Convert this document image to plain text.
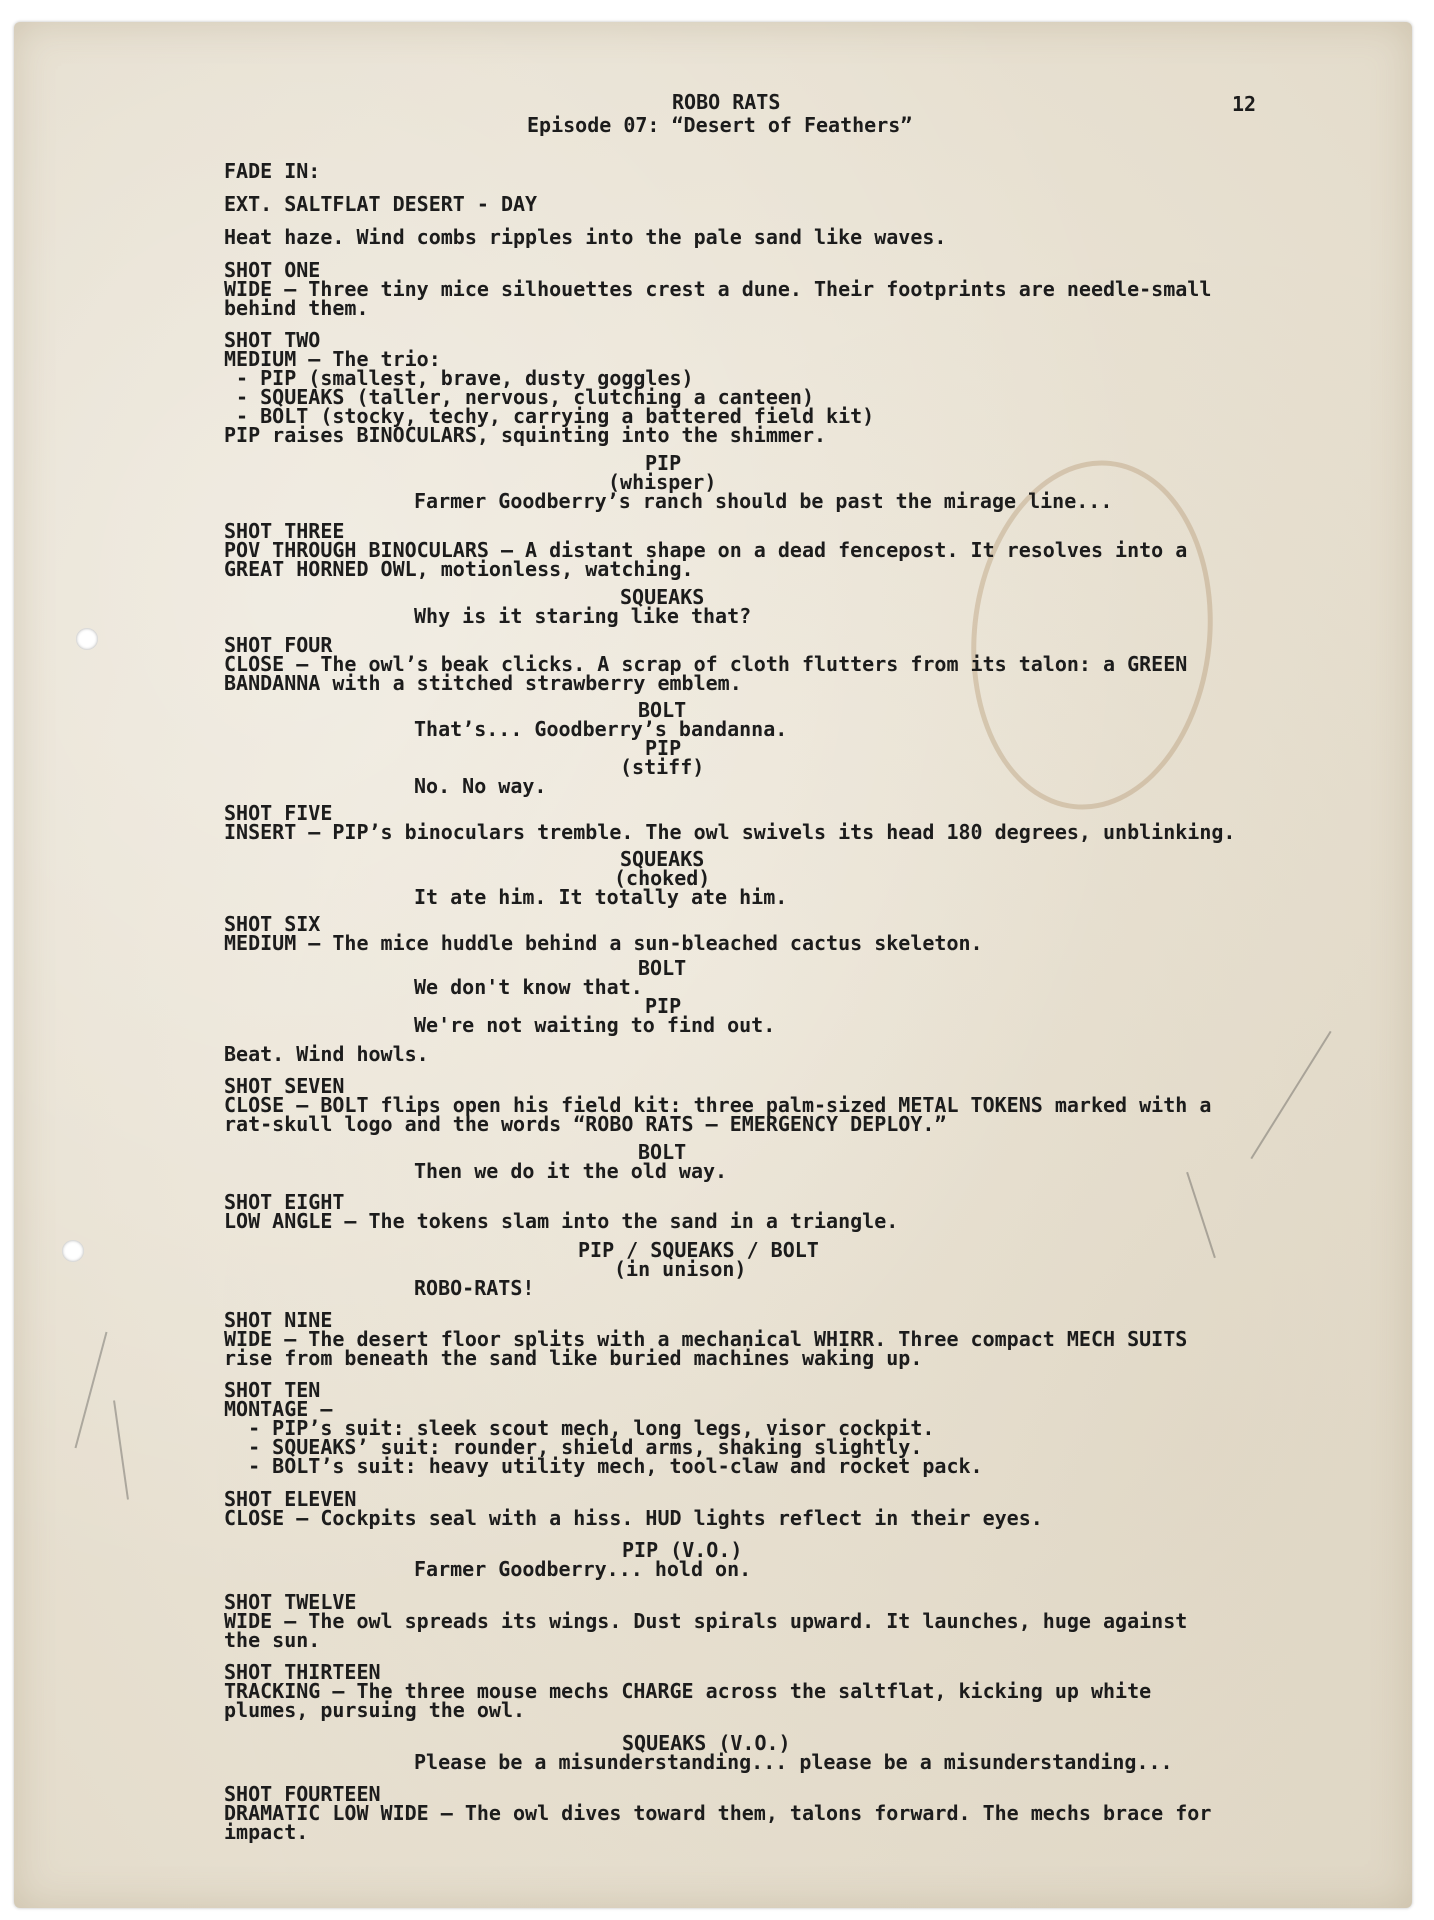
ROBO RATS
Episode 07: “Desert of Feathers”
12
FADE IN:
EXT. SALTFLAT DESERT - DAY
Heat haze. Wind combs ripples into the pale sand like waves.
SHOT ONE
WIDE – Three tiny mice silhouettes crest a dune. Their footprints are needle-small
behind them.
SHOT TWO
MEDIUM – The trio:
- PIP (smallest, brave, dusty goggles)
- SQUEAKS (taller, nervous, clutching a canteen)
- BOLT (stocky, techy, carrying a battered field kit)
PIP raises BINOCULARS, squinting into the shimmer.
PIP
(whisper)
Farmer Goodberry’s ranch should be past the mirage line...
SHOT THREE
POV THROUGH BINOCULARS – A distant shape on a dead fencepost. It resolves into a
GREAT HORNED OWL, motionless, watching.
SQUEAKS
Why is it staring like that?
SHOT FOUR
CLOSE – The owl’s beak clicks. A scrap of cloth flutters from its talon: a GREEN
BANDANNA with a stitched strawberry emblem.
BOLT
That’s... Goodberry’s bandanna.
PIP
(stiff)
No. No way.
SHOT FIVE
INSERT – PIP’s binoculars tremble. The owl swivels its head 180 degrees, unblinking.
SQUEAKS
(choked)
It ate him. It totally ate him.
SHOT SIX
MEDIUM – The mice huddle behind a sun-bleached cactus skeleton.
BOLT
We don't know that.
PIP
We're not waiting to find out.
Beat. Wind howls.
SHOT SEVEN
CLOSE – BOLT flips open his field kit: three palm-sized METAL TOKENS marked with a
rat-skull logo and the words “ROBO RATS – EMERGENCY DEPLOY.”
BOLT
Then we do it the old way.
SHOT EIGHT
LOW ANGLE – The tokens slam into the sand in a triangle.
PIP / SQUEAKS / BOLT
(in unison)
ROBO-RATS!
SHOT NINE
WIDE – The desert floor splits with a mechanical WHIRR. Three compact MECH SUITS
rise from beneath the sand like buried machines waking up.
SHOT TEN
MONTAGE –
- PIP’s suit: sleek scout mech, long legs, visor cockpit.
- SQUEAKS’ suit: rounder, shield arms, shaking slightly.
- BOLT’s suit: heavy utility mech, tool-claw and rocket pack.
SHOT ELEVEN
CLOSE – Cockpits seal with a hiss. HUD lights reflect in their eyes.
PIP (V.O.)
Farmer Goodberry... hold on.
SHOT TWELVE
WIDE – The owl spreads its wings. Dust spirals upward. It launches, huge against
the sun.
SHOT THIRTEEN
TRACKING – The three mouse mechs CHARGE across the saltflat, kicking up white
plumes, pursuing the owl.
SQUEAKS (V.O.)
Please be a misunderstanding... please be a misunderstanding...
SHOT FOURTEEN
DRAMATIC LOW WIDE – The owl dives toward them, talons forward. The mechs brace for
impact.
